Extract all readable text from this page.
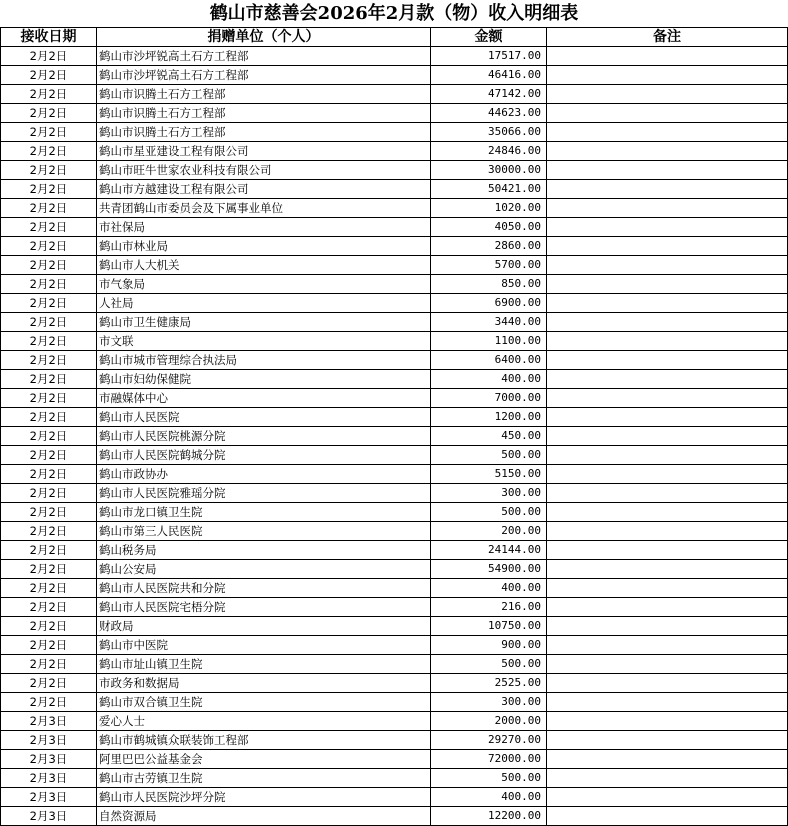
鹤山市慈善会2026年2月款（物）收入明细表
接收日期	捐赠单位（个人）	金额	备注
2月2日	鹤山市沙坪锐高土石方工程部	17517.00	
2月2日	鹤山市沙坪锐高土石方工程部	46416.00	
2月2日	鹤山市识腾土石方工程部	47142.00	
2月2日	鹤山市识腾土石方工程部	44623.00	
2月2日	鹤山市识腾土石方工程部	35066.00	
2月2日	鹤山市星亚建设工程有限公司	24846.00	
2月2日	鹤山市旺牛世家农业科技有限公司	30000.00	
2月2日	鹤山市方越建设工程有限公司	50421.00	
2月2日	共青团鹤山市委员会及下属事业单位	1020.00	
2月2日	市社保局	4050.00	
2月2日	鹤山市林业局	2860.00	
2月2日	鹤山市人大机关	5700.00	
2月2日	市气象局	850.00	
2月2日	人社局	6900.00	
2月2日	鹤山市卫生健康局	3440.00	
2月2日	市文联	1100.00	
2月2日	鹤山市城市管理综合执法局	6400.00	
2月2日	鹤山市妇幼保健院	400.00	
2月2日	市融媒体中心	7000.00	
2月2日	鹤山市人民医院	1200.00	
2月2日	鹤山市人民医院桃源分院	450.00	
2月2日	鹤山市人民医院鹤城分院	500.00	
2月2日	鹤山市政协办	5150.00	
2月2日	鹤山市人民医院雅瑶分院	300.00	
2月2日	鹤山市龙口镇卫生院	500.00	
2月2日	鹤山市第三人民医院	200.00	
2月2日	鹤山税务局	24144.00	
2月2日	鹤山公安局	54900.00	
2月2日	鹤山市人民医院共和分院	400.00	
2月2日	鹤山市人民医院宅梧分院	216.00	
2月2日	财政局	10750.00	
2月2日	鹤山市中医院	900.00	
2月2日	鹤山市址山镇卫生院	500.00	
2月2日	市政务和数据局	2525.00	
2月2日	鹤山市双合镇卫生院	300.00	
2月3日	爱心人士	2000.00	
2月3日	鹤山市鹤城镇众联装饰工程部	29270.00	
2月3日	阿里巴巴公益基金会	72000.00	
2月3日	鹤山市古劳镇卫生院	500.00	
2月3日	鹤山市人民医院沙坪分院	400.00	
2月3日	自然资源局	12200.00	
